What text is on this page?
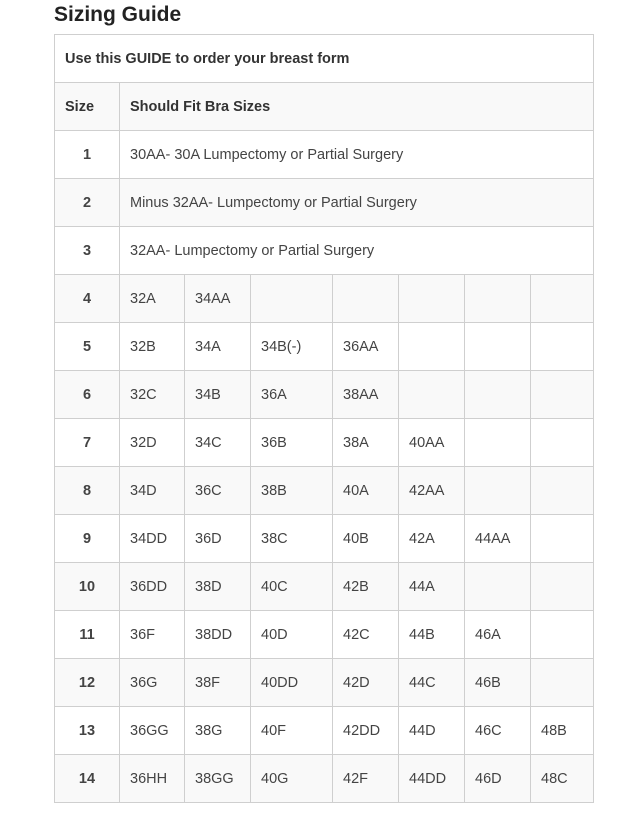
Sizing Guide
Use this GUIDE to order your breast form							
Size	Should Fit Bra Sizes						
1	30AA- 30A Lumpectomy or Partial Surgery						
2	Minus 32AA- Lumpectomy or Partial Surgery						
3	32AA- Lumpectomy or Partial Surgery						
4	32A	34AA					
5	32B	34A	34B(-)	36AA			
6	32C	34B	36A	38AA			
7	32D	34C	36B	38A	40AA		
8	34D	36C	38B	40A	42AA		
9	34DD	36D	38C	40B	42A	44AA	
10	36DD	38D	40C	42B	44A		
11	36F	38DD	40D	42C	44B	46A	
12	36G	38F	40DD	42D	44C	46B	
13	36GG	38G	40F	42DD	44D	46C	48B
14	36HH	38GG	40G	42F	44DD	46D	48C
